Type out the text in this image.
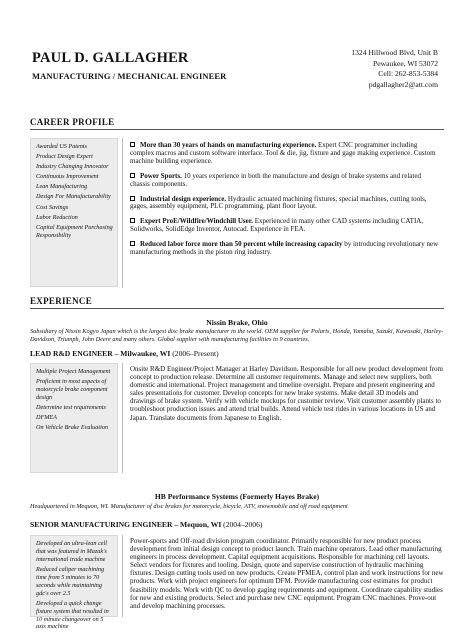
PAUL D. GALLAGHER
MANUFACTURING / MECHANICAL ENGINEER
1324 Hillwood Blvd, Unit B
Pewaukee, WI 53072
Cell: 262-853-5384
pdgallagher2@att.com
CAREER PROFILE
Awarded US Patents
Product Design Expert
Industry Changing Innovator
Continuous Improvement
Lean Manufacturing
Design For Manufacturability
Cost Savings
Labor Reduction
Capital Equipment Purchasing Responsibility
More than 30 years of hands on manufacturing experience. Expert CNC programmer including complex macros and custom software interface. Tool & die, jig, fixture and gage making experience. Custom machine building experience.
Power Sports. 10 years experience in both the manufacture and design of brake systems and related chassis components.
Industrial design experience. Hydraulic actuated machining fixtures, special machines, cutting tools, gages, assembly equipment, PLC programming, plant floor layout.
Expert ProE/Wildfire/Windchill User. Experienced in many other CAD systems including CATIA, Solidworks, SolidEdge Inventor, Autocad. Experience in FEA.
Reduced labor force more than 50 percent while increasing capacity by introducing revolutionary new manufacturing methods in the piston ring industry.
EXPERIENCE
Nissin Brake, Ohio
Subsidiary of Nissin Kogyo Japan which is the largest disc brake manufacturer in the world. OEM supplier for Polaris, Honda, Yamaha, Suzuki, Kawasaki, Harley-Davidson, Triumph, John Deere and many others. Global supplier with manufacturing facilities in 9 countries.
LEAD R&D ENGINEER – Milwaukee, WI (2006–Present)
Multiple Project Management
Proficient in most aspects of motorcycle brake component design
Determine test requirements
DFMEA
On Vehicle Brake Evaluation
Onsite R&D Engineer/Project Manager at Harley Davidson. Responsible for all new product development from concept to production release. Determine all customer requirements. Manage and select new suppliers, both domestic and international. Project management and timeline oversight. Prepare and present engineering and sales presentations for customer. Develop concepts for new brake systems. Make detail 3D models and drawings of brake system. Verify with vehicle mockups for customer review. Visit customer assembly plants to troubleshoot production issues and attend trial builds. Attend vehicle test rides in various locations in US and Japan. Translate documents from Japanese to English.
HB Performance Systems (Formerly Hayes Brake)
Headquartered in Mequon, WI. Manufacturer of disc brakes for motorcycle, bicycle, ATV, snowmobile and off road equipment
SENIOR MANUFACTURING ENGINEER – Mequon, WI (2004–2006)
Developed an ultra-lean cell that was featured in Mazak's international trade machine
Reduced caliper machining time from 5 minutes to 70 seconds while maintaining gdc's over 2.5
Developed a quick change fixture system that resulted in 10 minute changeover on 5 axis machine
Power-sports and Off-road division program coordinator. Primarily responsible for new product process development from initial design concept to product launch. Train machine operators. Lead other manufacturing engineers in process development. Capital equipment acquisitions. Responsible for machining cell layouts. Select vendors for fixtures and tooling. Design, quote and supervise construction of hydraulic machining fixtures. Design cutting tools used on new products. Create PFMEA, control plan and work instructions for new products. Work with project engineers for optimum DFM. Provide manufacturing cost estimates for product feasibility models. Work with QC to develop gaging requirements and equipment. Coordinate capability studies for new and existing products. Select and purchase new CNC equipment. Program CNC machines. Prove-out and develop machining processes.
